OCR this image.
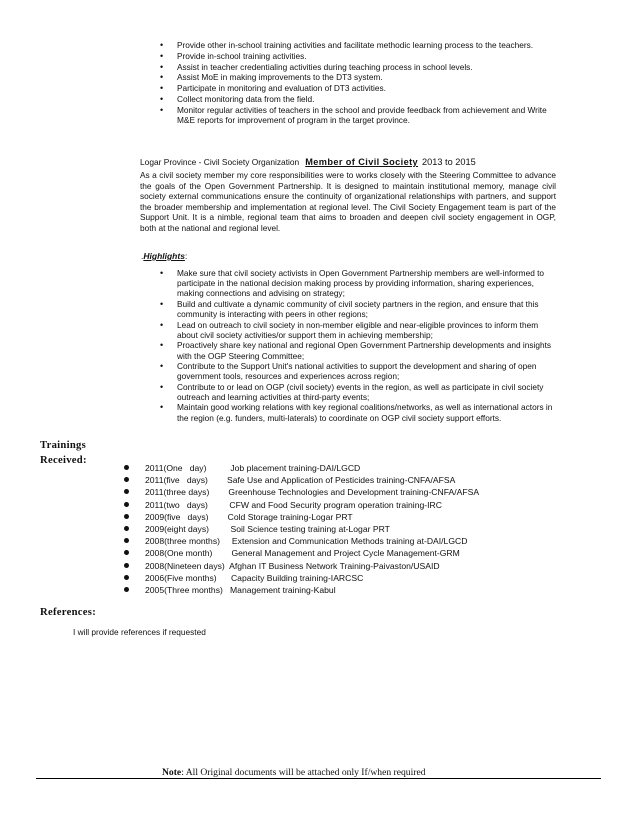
• Provide other in-school training activities and facilitate methodic learning process to the teachers.
• Provide in-school training activities.
• Assist in teacher credentialing activities during teaching process in school levels.
• Assist MoE in making improvements to the DT3 system.
• Participate in monitoring and evaluation of DT3 activities.
• Collect monitoring data from the field.
• Monitor regular activities of teachers in the school and provide feedback from achievement and Write M&E reports for improvement of program in the target province.
Logar Province - Civil Society Organization Member of Civil Society 2013 to 2015
As a civil society member my core responsibilities were to works closely with the Steering Committee to advance the goals of the Open Government Partnership. It is designed to maintain institutional memory, manage civil society external communications ensure the continuity of organizational relationships with partners, and support the broader membership and implementation at regional level. The Civil Society Engagement team is part of the Support Unit. It is a nimble, regional team that aims to broaden and deepen civil society engagement in OGP, both at the national and regional level.
.Highlights:
• Make sure that civil society activists in Open Government Partnership members are well-informed to participate in the national decision making process by providing information, sharing experiences, making connections and advising on strategy;
• Build and cultivate a dynamic community of civil society partners in the region, and ensure that this community is interacting with peers in other regions;
• Lead on outreach to civil society in non-member eligible and near-eligible provinces to inform them about civil society activities/or support them in achieving membership;
• Proactively share key national and regional Open Government Partnership developments and insights with the OGP Steering Committee;
• Contribute to the Support Unit's national activities to support the development and sharing of open government tools, resources and experiences across region;
• Contribute to or lead on OGP (civil society) events in the region, as well as participate in civil society outreach and learning activities at third-party events;
• Maintain good working relations with key regional coalitions/networks, as well as international actors in the region (e.g. funders, multi-laterals) to coordinate on OGP civil society support efforts.
Trainings
Received:
2011(One   day)          Job placement training-DAI/LGCD
2011(five   days)        Safe Use and Application of Pesticides training-CNFA/AFSA
2011(three days)        Greenhouse Technologies and Development training-CNFA/AFSA
2011(two   days)         CFW and Food Security program operation training-IRC
2009(five   days)        Cold Storage training-Logar PRT
2009(eight days)         Soil Science testing training at-Logar PRT
2008(three months)     Extension and Communication Methods training at-DAI/LGCD
2008(One month)        General Management and Project Cycle Management-GRM
2008(Nineteen days)  Afghan IT Business Network Training-Paivaston/USAID
2006(Five months)      Capacity Building training-IARCSC
2005(Three months)   Management training-Kabul
References:
I will provide references if requested
Note: All Original documents will be attached only If/when required
